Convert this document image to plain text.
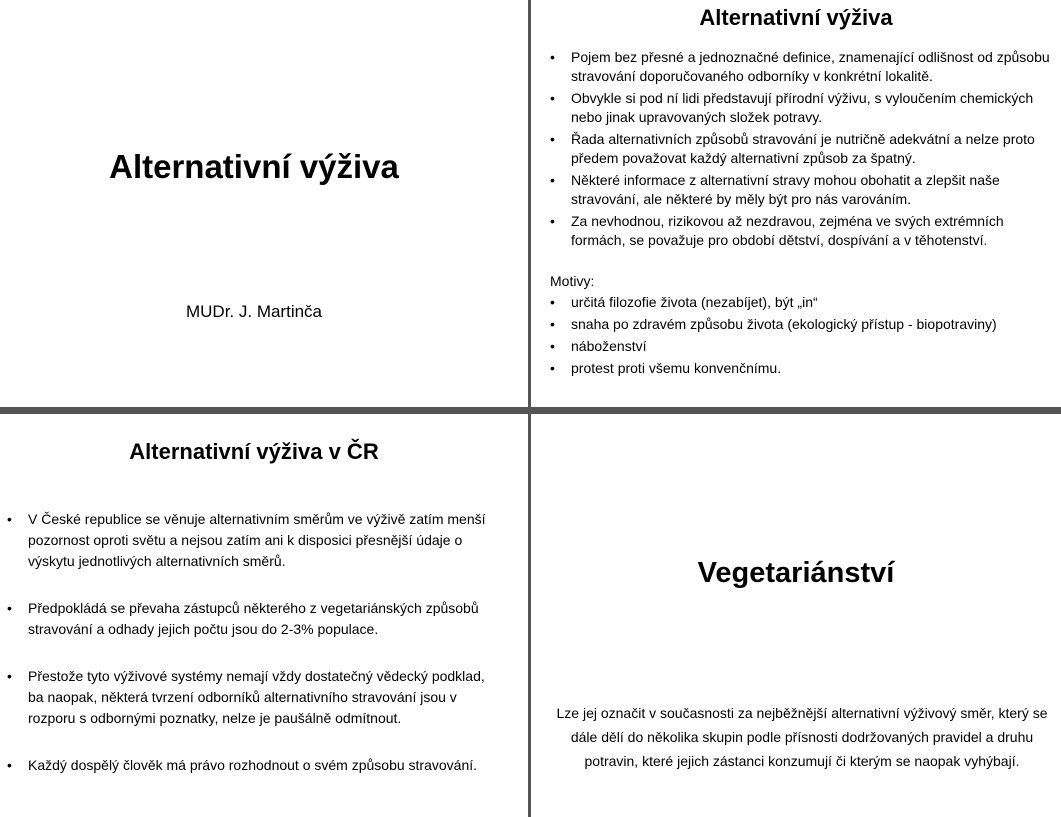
Alternativní výživa
MUDr. J. Martinča
Alternativní výživa
• Pojem bez přesné a jednoznačné definice, znamenající odlišnost od způsobu stravování doporučovaného odborníky v konkrétní lokalitě.
• Obvykle si pod ní lidi představují přírodní výživu, s vyloučením chemických nebo jinak upravovaných složek potravy.
• Řada alternativních způsobů stravování je nutričně adekvátní a nelze proto předem považovat každý alternativní způsob za špatný.
• Některé informace z alternativní stravy mohou obohatit a zlepšit naše stravování, ale některé by měly být pro nás varováním.
• Za nevhodnou, rizikovou až nezdravou, zejména ve svých extrémních formách, se považuje pro období dětství, dospívání a v těhotenství.
Motivy:
• určitá filozofie života (nezabíjet), být „in“
• snaha po zdravém způsobu života (ekologický přístup - biopotraviny)
• náboženství
• protest proti všemu konvenčnímu.
Alternativní výživa v ČR
• V České republice se věnuje alternativním směrům ve výživě zatím menší pozornost oproti světu a nejsou zatím ani k disposici přesnější údaje o výskytu jednotlivých alternativních směrů.
• Předpokládá se převaha zástupců některého z vegetariánských způsobů stravování a odhady jejich počtu jsou do 2-3% populace.
• Přestože tyto výživové systémy nemají vždy dostatečný vědecký podklad, ba naopak, některá tvrzení odborníků alternativního stravování jsou v rozporu s odbornými poznatky, nelze je paušálně odmítnout.
• Každý dospělý člověk má právo rozhodnout o svém způsobu stravování.
Vegetariánství
Lze jej označit v současnosti za nejběžnější alternativní výživový směr, který se dále dělí do několika skupin podle přísnosti dodržovaných pravidel a druhu potravin, které jejich zástanci konzumují či kterým se naopak vyhýbají.
